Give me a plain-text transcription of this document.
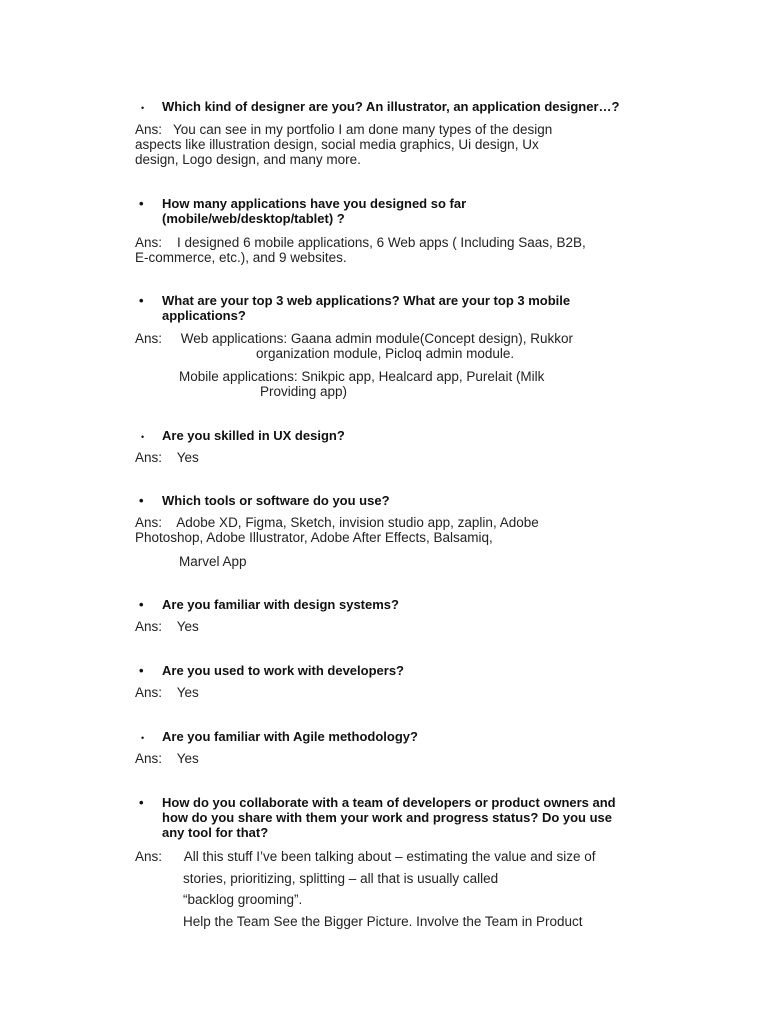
• Which kind of designer are you? An illustrator, an application designer…?
Ans:   You can see in my portfolio I am done many types of the design
aspects like illustration design, social media graphics, Ui design, Ux
design, Logo design, and many more.
• How many applications have you designed so far
(mobile/web/desktop/tablet) ?
Ans:    I designed 6 mobile applications, 6 Web apps ( Including Saas, B2B,
E-commerce, etc.), and 9 websites.
• What are your top 3 web applications? What are your top 3 mobile
applications?
Ans:     Web applications: Gaana admin module(Concept design), Rukkor
organization module, Picloq admin module.
Mobile applications: Snikpic app, Healcard app, Purelait (Milk
Providing app)
• Are you skilled in UX design?
Ans:    Yes
• Which tools or software do you use?
Ans:    Adobe XD, Figma, Sketch, invision studio app, zaplin, Adobe
Photoshop, Adobe Illustrator, Adobe After Effects, Balsamiq,
Marvel App
• Are you familiar with design systems?
Ans:    Yes
• Are you used to work with developers?
Ans:    Yes
• Are you familiar with Agile methodology?
Ans:    Yes
• How do you collaborate with a team of developers or product owners and
how do you share with them your work and progress status? Do you use
any tool for that?
Ans:      All this stuff I’ve been talking about – estimating the value and size of
stories, prioritizing, splitting – all that is usually called
“backlog grooming”.
Help the Team See the Bigger Picture. Involve the Team in Product
